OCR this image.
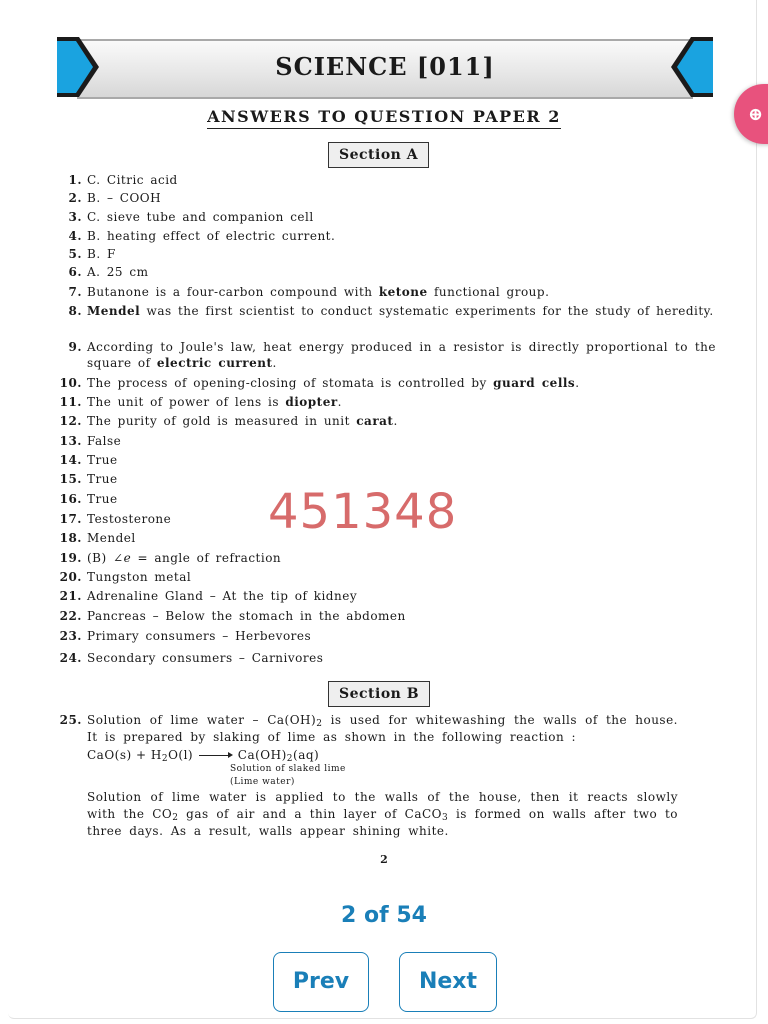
SCIENCE [011]
⊕
ANSWERS TO QUESTION PAPER 2
Section A
1. C. Citric acid
2. B. – COOH
3. C. sieve tube and companion cell
4. B. heating effect of electric current.
5. B. F
6. A. 25 cm
7. Butanone is a four-carbon compound with ketone functional group.
8. Mendel was the first scientist to conduct systematic experiments for the study of heredity.
9. According to Joule's law, heat energy produced in a resistor is directly proportional to the square of electric current.
10. The process of opening-closing of stomata is controlled by guard cells.
11. The unit of power of lens is diopter.
12. The purity of gold is measured in unit carat.
13. False
14. True
15. True
16. True
17. Testosterone
18. Mendel
19. (B) ∠e = angle of refraction
20. Tungston metal
21. Adrenaline Gland – At the tip of kidney
22. Pancreas – Below the stomach in the abdomen
23. Primary consumers – Herbevores
24. Secondary consumers – Carnivores
451348
Section B
25. Solution of lime water – $Ca(OH)_2$ is used for whitewashing the walls of the house. It is prepared by slaking of lime as shown in the following reaction :
$CaO(s) + H_2O(l)$	$Ca(OH)_2(aq)$
Solution of slaked lime
(Lime water)
Solution of lime water is applied to the walls of the house, then it reacts slowly with the $CO_2$ gas of air and a thin layer of CaCO$_3$ is formed on walls after two to three days. As a result, walls appear shining white.
2
2 of 54
Prev	Next
